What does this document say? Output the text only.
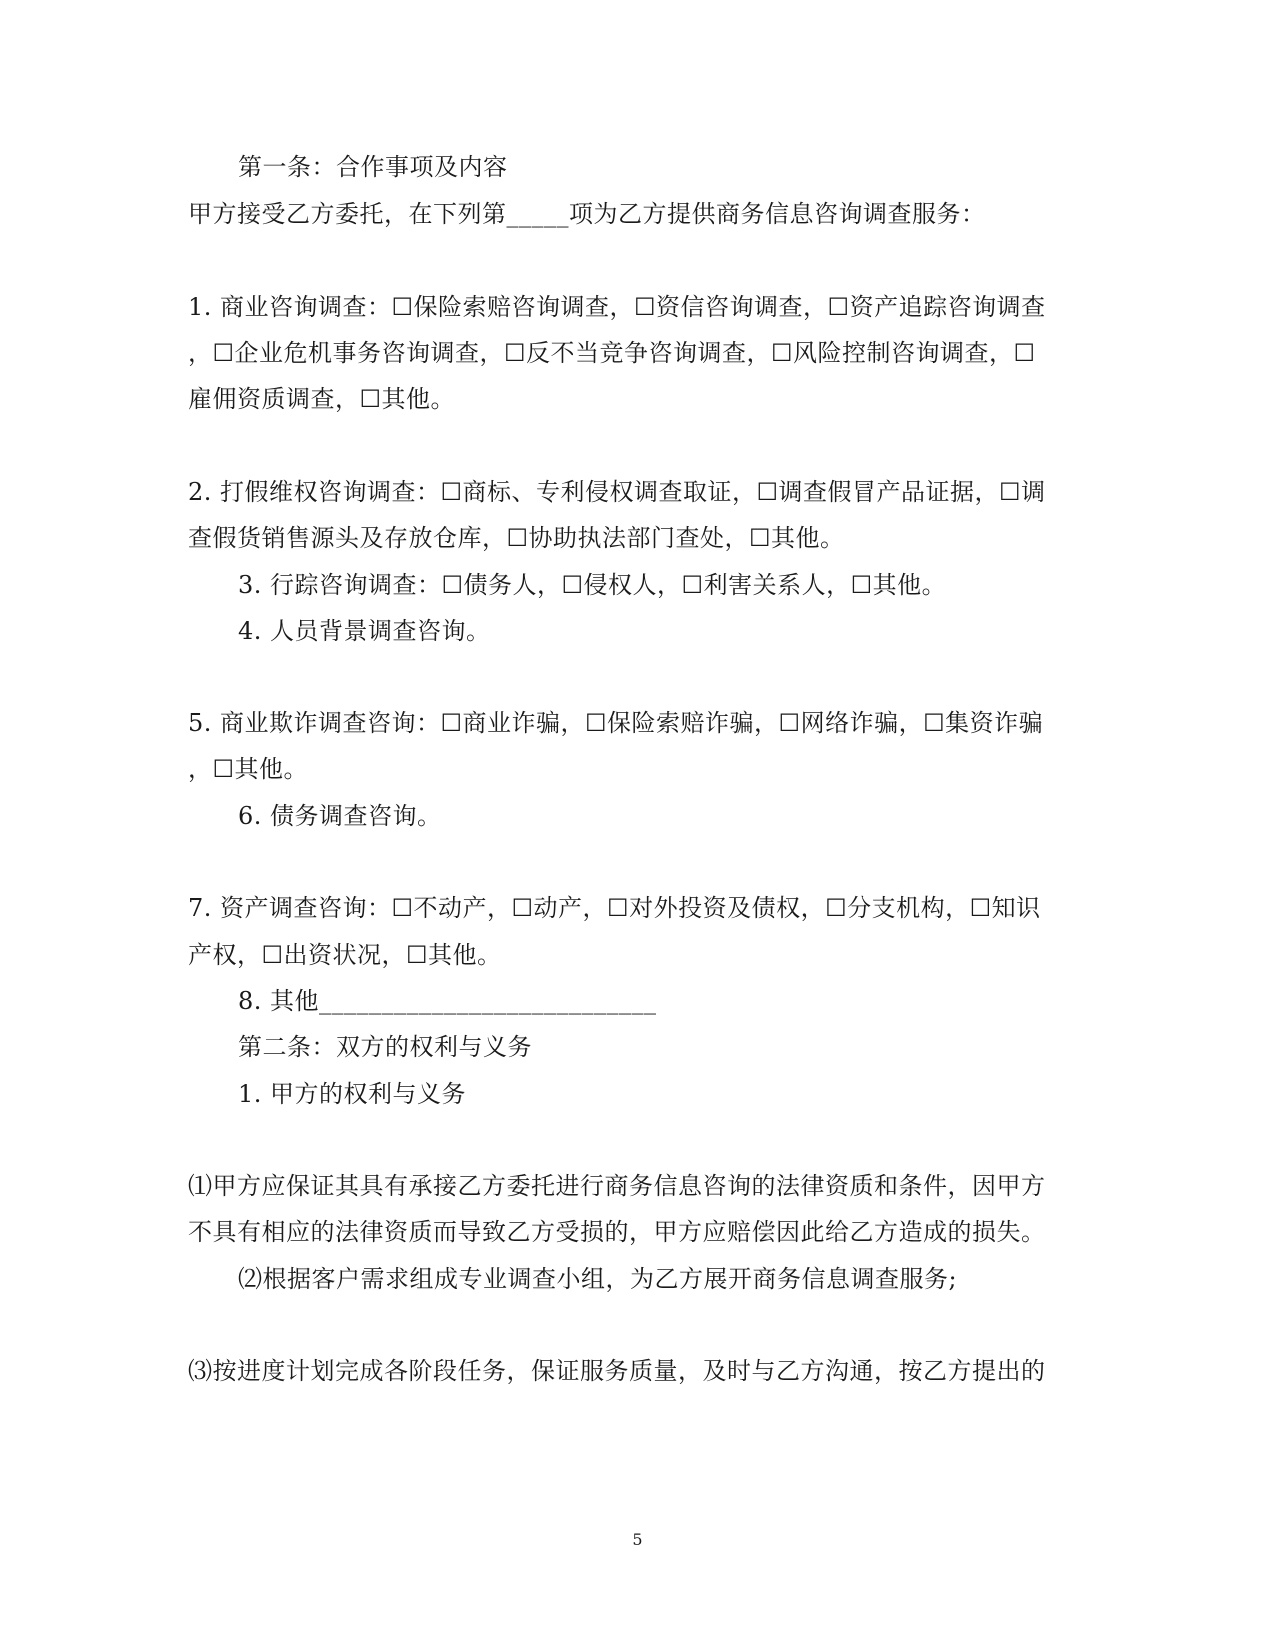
第一条：合作事项及内容
甲方接受乙方委托，在下列第_____项为乙方提供商务信息咨询调查服务：
1. 商业咨询调查：☐保险索赔咨询调查，☐资信咨询调查，☐资产追踪咨询调查
，☐企业危机事务咨询调查，☐反不当竞争咨询调查，☐风险控制咨询调查，☐
雇佣资质调查，☐其他。
2. 打假维权咨询调查：☐商标、专利侵权调查取证，☐调查假冒产品证据，☐调
查假货销售源头及存放仓库，☐协助执法部门查处，☐其他。
3. 行踪咨询调查：☐债务人，☐侵权人，☐利害关系人，☐其他。
4. 人员背景调查咨询。
5. 商业欺诈调查咨询：☐商业诈骗，☐保险索赔诈骗，☐网络诈骗，☐集资诈骗
，☐其他。
6. 债务调查咨询。
7. 资产调查咨询：☐不动产，☐动产，☐对外投资及债权，☐分支机构，☐知识
产权，☐出资状况，☐其他。
8. 其他___________________________
第二条：双方的权利与义务
1. 甲方的权利与义务
⑴甲方应保证其具有承接乙方委托进行商务信息咨询的法律资质和条件，因甲方
不具有相应的法律资质而导致乙方受损的，甲方应赔偿因此给乙方造成的损失。
⑵根据客户需求组成专业调查小组，为乙方展开商务信息调查服务;
⑶按进度计划完成各阶段任务，保证服务质量，及时与乙方沟通，按乙方提出的
5
